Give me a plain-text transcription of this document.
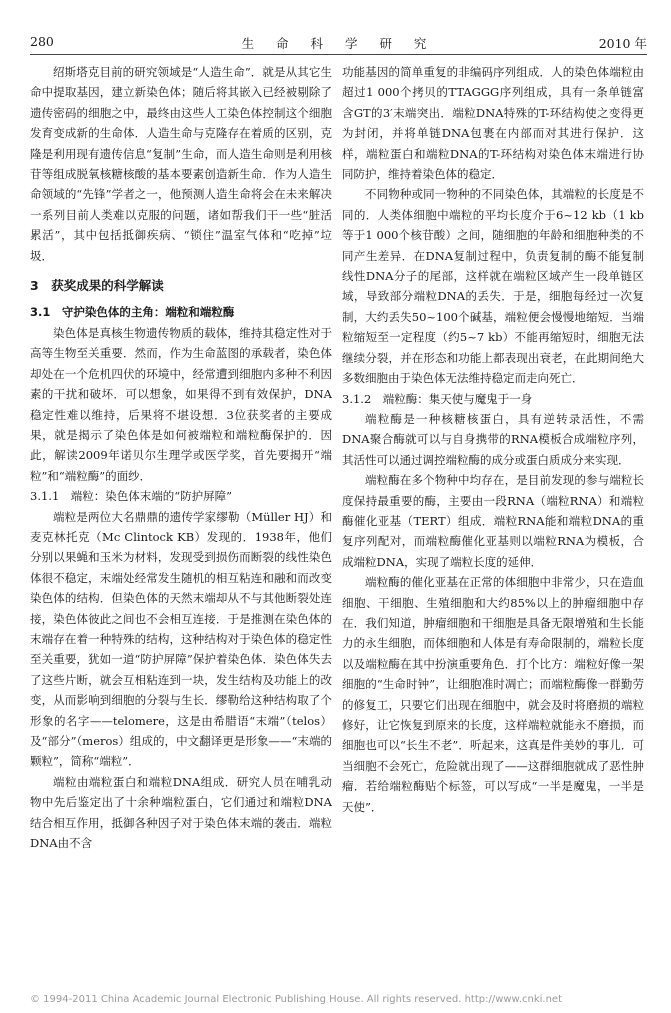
280	生 命 科 学 研 究	2010 年

绍斯塔克目前的研究领域是“人造生命”．就是从其它生命中提取基因，建立新染色体；随后将其嵌入已经被剔除了遗传密码的细胞之中，最终由这些人工染色体控制这个细胞发育变成新的生命体．人造生命与克隆存在着质的区别，克隆是利用现有遗传信息“复制”生命，而人造生命则是利用核苷等组成脱氧核糖核酸的基本要素创造新生命．作为人造生命领域的“先锋”学者之一，他预测人造生命将会在未来解决一系列目前人类难以克服的问题，诸如帮我们干一些“脏活累活”，其中包括抵御疾病、“锁住”温室气体和“吃掉”垃圾．

3　获奖成果的科学解读
3.1　守护染色体的主角：端粒和端粒酶

染色体是真核生物遗传物质的载体，维持其稳定性对于高等生物至关重要．然而，作为生命蓝图的承载者，染色体却处在一个危机四伏的环境中，经常遭到细胞内多种不利因素的干扰和破坏．可以想象，如果得不到有效保护，DNA稳定性难以维持，后果将不堪设想．3位获奖者的主要成果，就是揭示了染色体是如何被端粒和端粒酶保护的．因此，解读2009年诺贝尔生理学或医学奖，首先要揭开“端粒”和“端粒酶”的面纱．

3.1.1　端粒：染色体末端的“防护屏障”

端粒是两位大名鼎鼎的遗传学家缪勒（Müller HJ）和麦克林托克（Mc Clintock KB）发现的．1938年，他们分别以果蝇和玉米为材料，发现受到损伤而断裂的线性染色体很不稳定，末端处经常发生随机的相互粘连和融和而改变染色体的结构．但染色体的天然末端却从不与其他断裂处连接，染色体彼此之间也不会相互连接．于是推测在染色体的末端存在着一种特殊的结构，这种结构对于染色体的稳定性至关重要，犹如一道“防护屏障”保护着染色体．染色体失去了这些片断，就会互相粘连到一块，发生结构及功能上的改变，从而影响到细胞的分裂与生长．缪勒给这种结构取了个形象的名字——telomere，这是由希腊语“末端”（telos）及“部分”（meros）组成的，中文翻译更是形象——“末端的颗粒”，简称“端粒”．

端粒由端粒蛋白和端粒DNA组成．研究人员在哺乳动物中先后鉴定出了十余种端粒蛋白，它们通过和端粒DNA结合相互作用，抵御各种因子对于染色体末端的袭击．端粒DNA由不含

功能基因的简单重复的非编码序列组成．人的染色体端粒由超过1 000个拷贝的TTAGGG序列组成，具有一条单链富含GT的3′末端突出．端粒DNA特殊的T-环结构使之变得更为封闭，并将单链DNA包裹在内部而对其进行保护．这样，端粒蛋白和端粒DNA的T-环结构对染色体末端进行协同防护，维持着染色体的稳定．

不同物种或同一物种的不同染色体，其端粒的长度是不同的．人类体细胞中端粒的平均长度介于6~12 kb（1 kb等于1 000个核苷酸）之间，随细胞的年龄和细胞种类的不同产生差异．在DNA复制过程中，负责复制的酶不能复制线性DNA分子的尾部，这样就在端粒区域产生一段单链区域，导致部分端粒DNA的丢失．于是，细胞每经过一次复制，大约丢失50~100个碱基，端粒便会慢慢地缩短．当端粒缩短至一定程度（约5~7 kb）不能再缩短时，细胞无法继续分裂，并在形态和功能上都表现出衰老，在此期间绝大多数细胞由于染色体无法维持稳定而走向死亡．

3.1.2　端粒酶：集天使与魔鬼于一身

端粒酶是一种核糖核蛋白，具有逆转录活性，不需DNA聚合酶就可以与自身携带的RNA模板合成端粒序列，其活性可以通过调控端粒酶的成分或蛋白质成分来实现．

端粒酶在多个物种中均存在，是目前发现的参与端粒长度保持最重要的酶，主要由一段RNA（端粒RNA）和端粒酶催化亚基（TERT）组成．端粒RNA能和端粒DNA的重复序列配对，而端粒酶催化亚基则以端粒RNA为模板，合成端粒DNA，实现了端粒长度的延伸．

端粒酶的催化亚基在正常的体细胞中非常少，只在造血细胞、干细胞、生殖细胞和大约85%以上的肿瘤细胞中存在．我们知道，肿瘤细胞和干细胞是具备无限增殖和生长能力的永生细胞，而体细胞和人体是有寿命限制的，端粒长度以及端粒酶在其中扮演重要角色．打个比方：端粒好像一架细胞的“生命时钟”，让细胞准时凋亡；而端粒酶像一群勤劳的修复工，只要它们出现在细胞中，就会及时将磨损的端粒修好，让它恢复到原来的长度，这样端粒就能永不磨损，而细胞也可以“长生不老”．听起来，这真是件美妙的事儿．可当细胞不会死亡，危险就出现了——这群细胞就成了恶性肿瘤．若给端粒酶贴个标签，可以写成“一半是魔鬼，一半是天使”．

© 1994-2011 China Academic Journal Electronic Publishing House. All rights reserved. http://www.cnki.net
